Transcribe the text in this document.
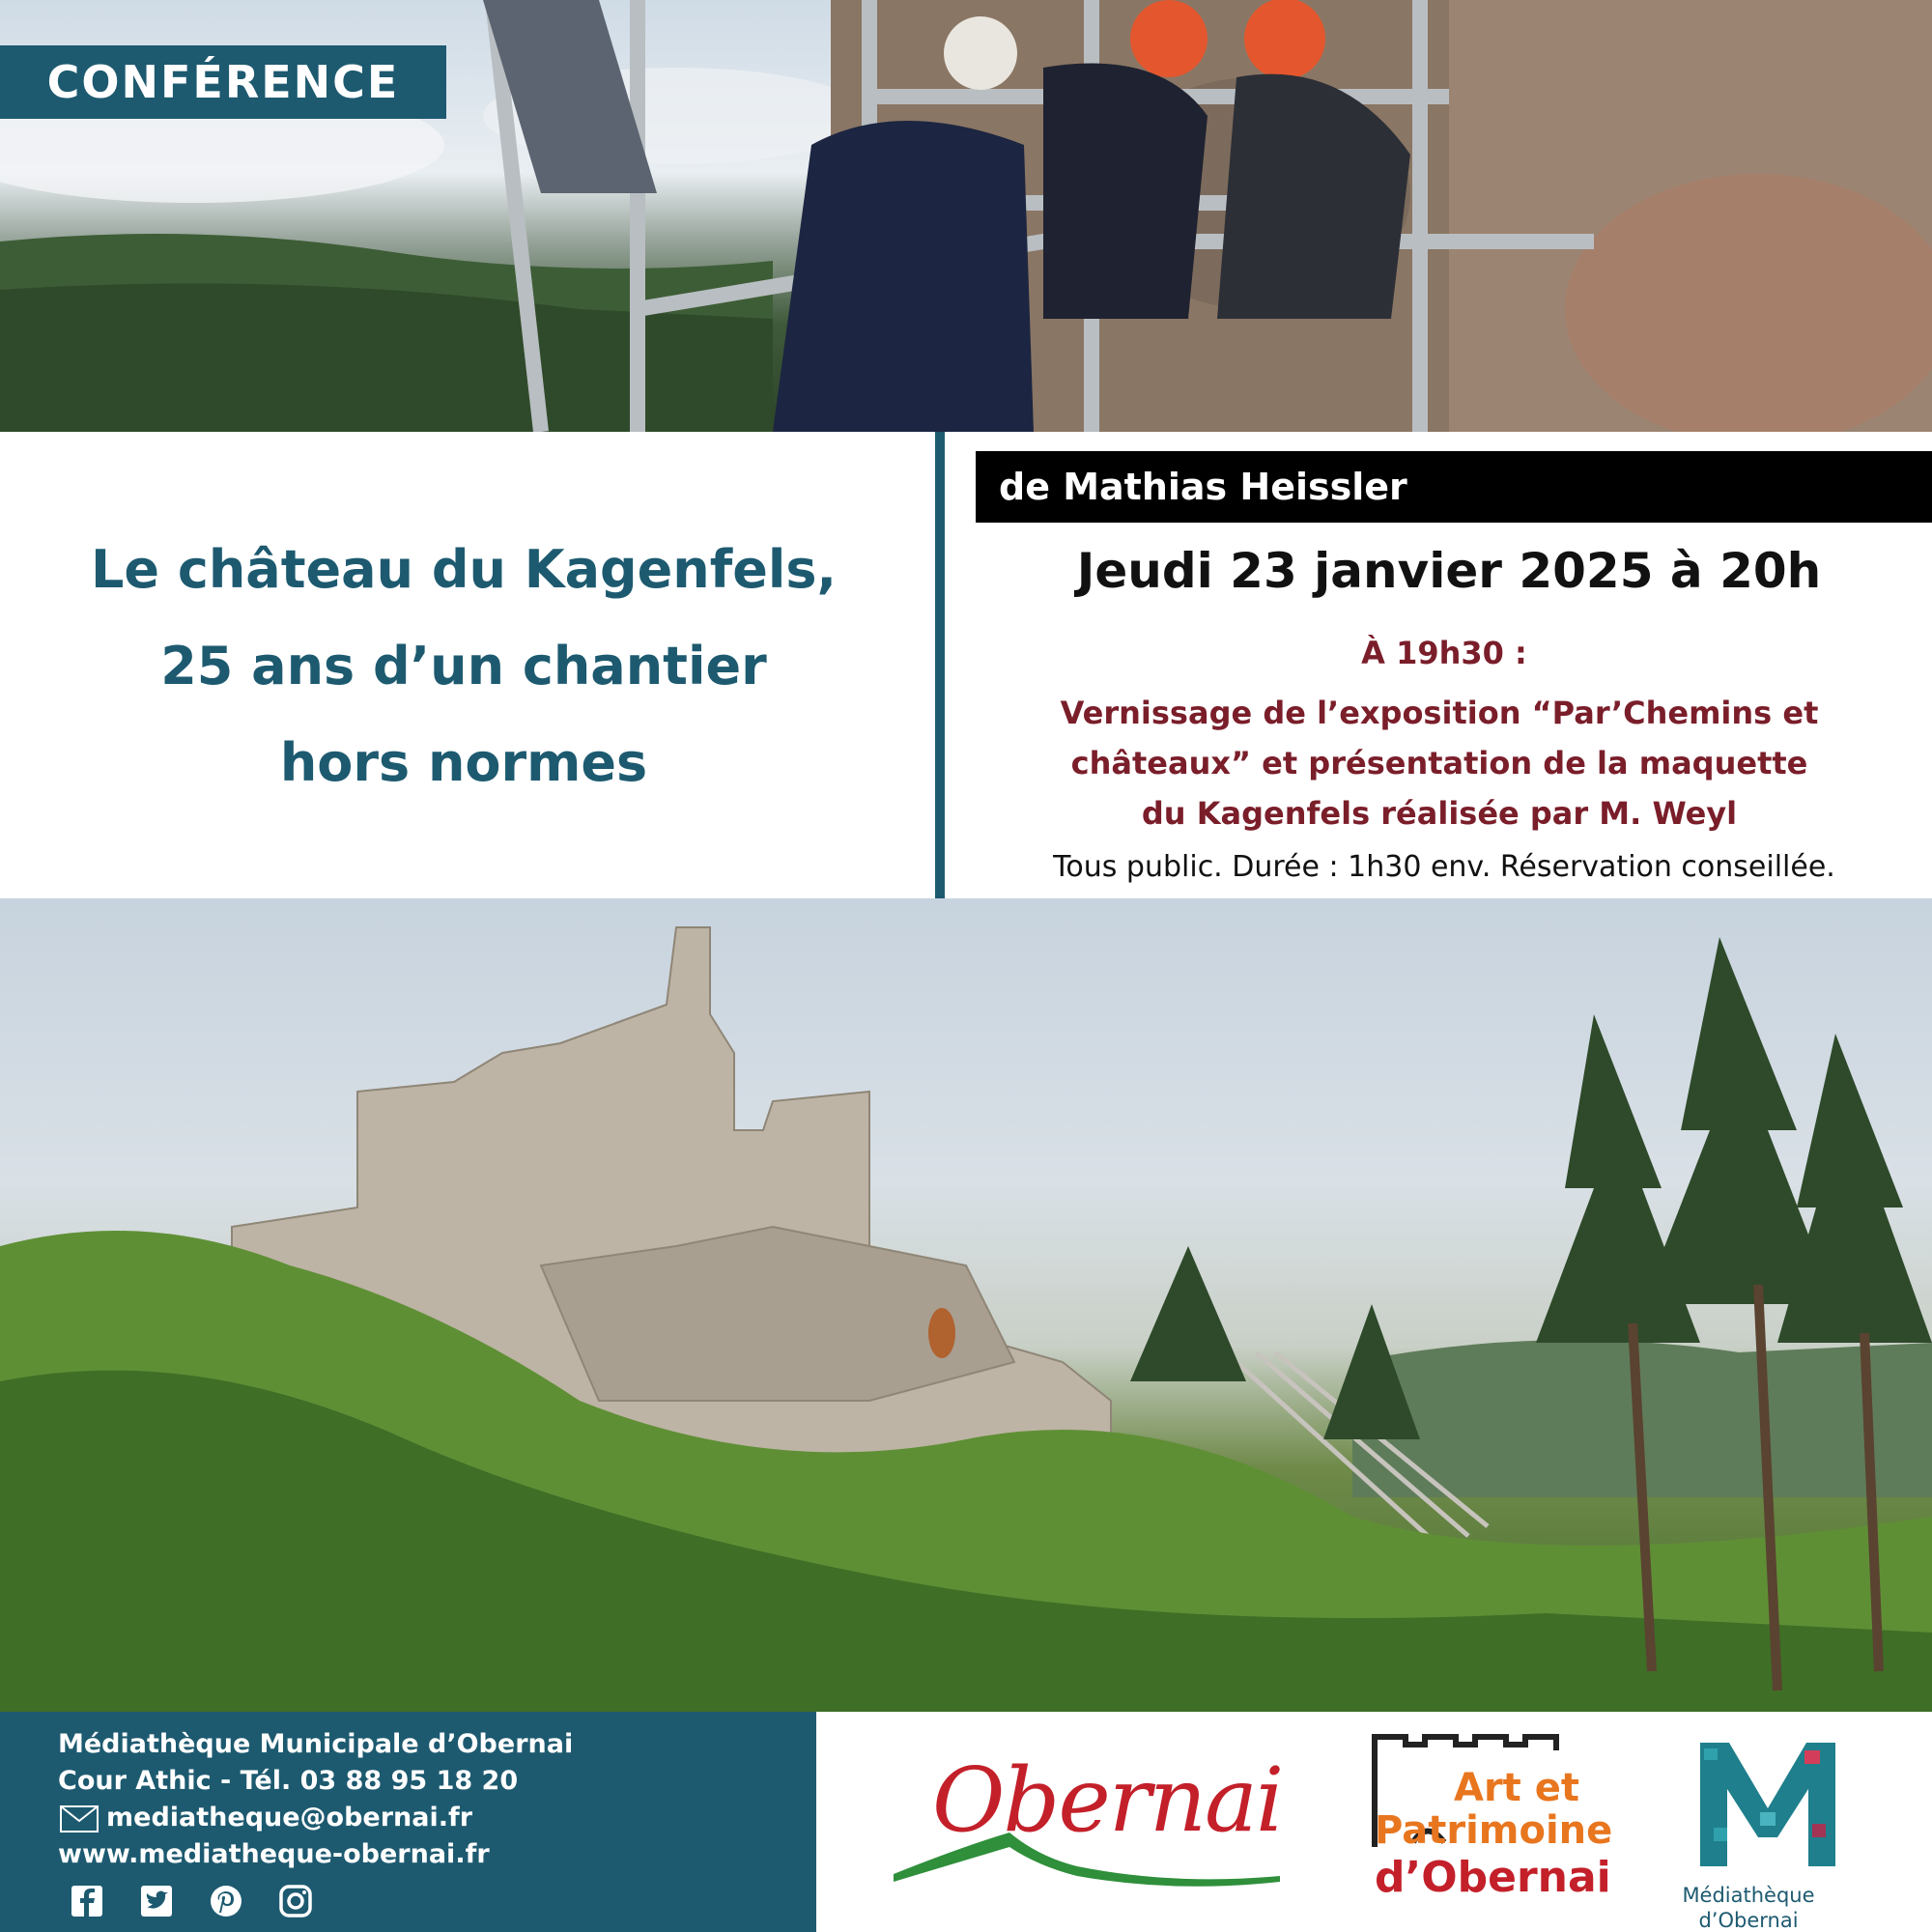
CONFÉRENCE
Le château du Kagenfels,
25 ans d’un chantier
hors normes
de Mathias Heissler
Jeudi 23 janvier 2025 à 20h
À 19h30 :
Vernissage de l’exposition “Par’Chemins et
châteaux” et présentation de la maquette
du Kagenfels réalisée par M. Weyl
Tous public. Durée : 1h30 env. Réservation conseillée.
Médiathèque Municipale d’Obernai
Cour Athic - Tél. 03 88 95 18 20
mediatheque@obernai.fr
www.mediatheque-obernai.fr
Obernai	Art et
Patrimoine
d’Obernai	Médiathèque
d’Obernai
